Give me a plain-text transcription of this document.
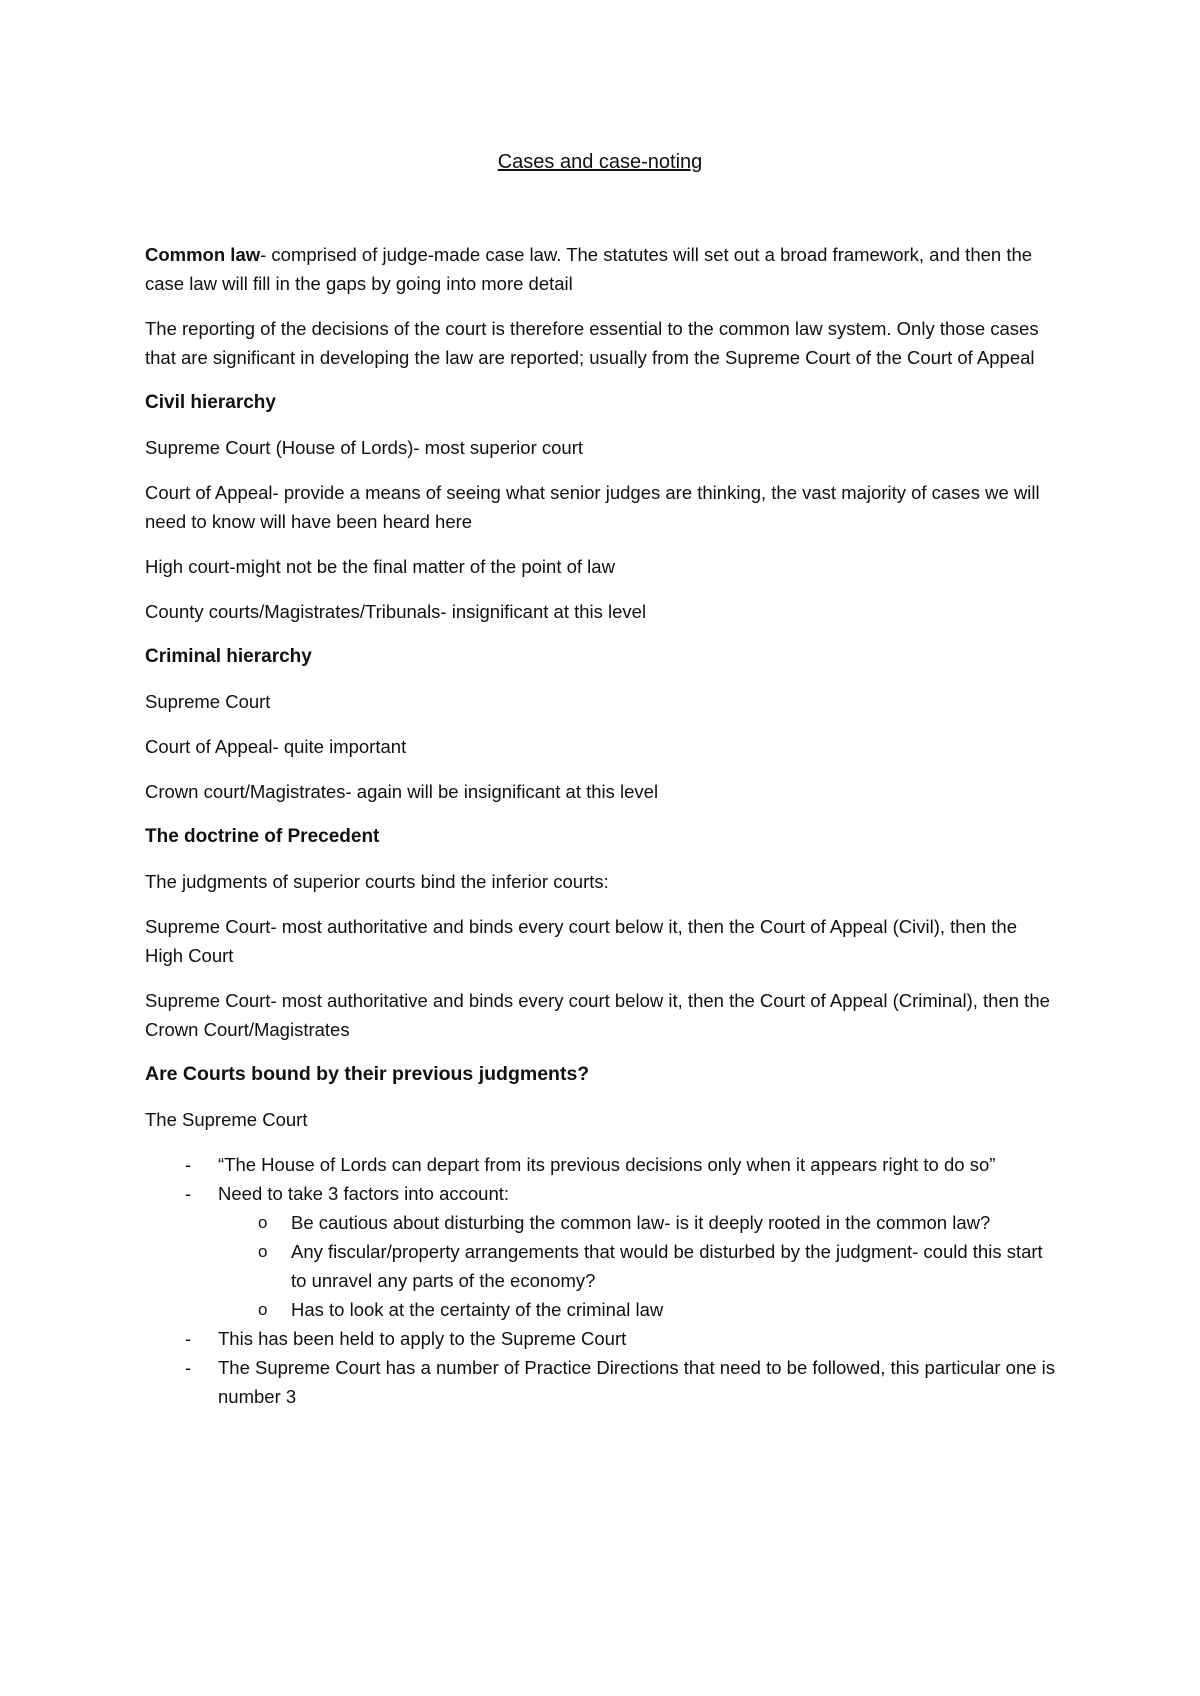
Cases and case-noting

Common law- comprised of judge-made case law. The statutes will set out a broad framework, and then the case law will fill in the gaps by going into more detail

The reporting of the decisions of the court is therefore essential to the common law system. Only those cases that are significant in developing the law are reported; usually from the Supreme Court of the Court of Appeal

Civil hierarchy

Supreme Court (House of Lords)- most superior court

Court of Appeal- provide a means of seeing what senior judges are thinking, the vast majority of cases we will need to know will have been heard here

High court-might not be the final matter of the point of law

County courts/Magistrates/Tribunals- insignificant at this level

Criminal hierarchy

Supreme Court

Court of Appeal- quite important

Crown court/Magistrates- again will be insignificant at this level

The doctrine of Precedent

The judgments of superior courts bind the inferior courts:

Supreme Court- most authoritative and binds every court below it, then the Court of Appeal (Civil), then the High Court

Supreme Court- most authoritative and binds every court below it, then the Court of Appeal (Criminal), then the Crown Court/Magistrates

Are Courts bound by their previous judgments?

The Supreme Court

- “The House of Lords can depart from its previous decisions only when it appears right to do so”
- Need to take 3 factors into account:
o Be cautious about disturbing the common law- is it deeply rooted in the common law?
o Any fiscular/property arrangements that would be disturbed by the judgment- could this start to unravel any parts of the economy?
o Has to look at the certainty of the criminal law
- This has been held to apply to the Supreme Court
- The Supreme Court has a number of Practice Directions that need to be followed, this particular one is number 3
